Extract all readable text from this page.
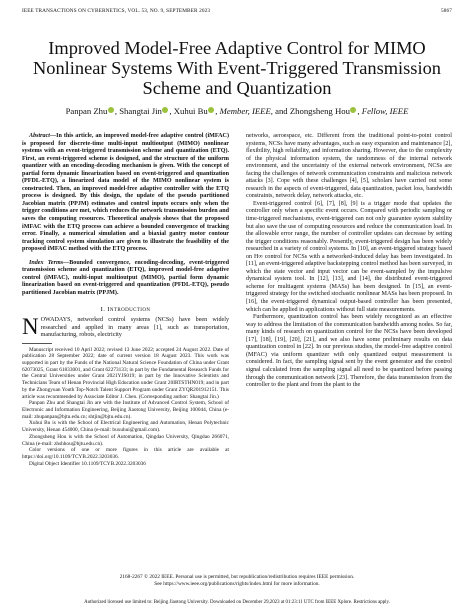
IEEE TRANSACTIONS ON CYBERNETICS, VOL. 53, NO. 9, SEPTEMBER 2023	5867
Improved Model-Free Adaptive Control for MIMO Nonlinear Systems With Event-Triggered Transmission Scheme and Quantization
Panpan Zhu , Shangtai Jin , Xuhui Bu , Member, IEEE, and Zhongsheng Hou , Fellow, IEEE

Abstract—In this article, an improved model-free adaptive control (iMFAC) is proposed for discrete-time multi-input multioutput (MIMO) nonlinear systems with an event-triggered transmission scheme and quantization (ETQ). First, an event-triggered scheme is designed, and the structure of the uniform quantizer with an encoding-decoding mechanism is given. With the concept of partial form dynamic linearization based on event-triggered and quantization (PFDL-ETQ), a linearized data model of the MIMO nonlinear system is constructed. Then, an improved model-free adaptive controller with the ETQ process is designed. By this design, the update of the pseudo partitioned Jacobian matrix (PPJM) estimates and control inputs occurs only when the trigger conditions are met, which reduces the network transmission burden and saves the computing resources. Theoretical analysis shows that the proposed iMFAC with the ETQ process can achieve a bounded convergence of tracking error. Finally, a numerical simulation and a biaxial gantry motor contour tracking control system simulation are given to illustrate the feasibility of the proposed iMFAC method with the ETQ process.

Index Terms—Bounded convergence, encoding-decoding, event-triggered transmission scheme and quantization (ETQ), improved model-free adaptive control (iMFAC), multi-input multioutput (MIMO), partial form dynamic linearization based on event-triggered and quantization (PFDL-ETQ), pseudo partitioned Jacobian matrix (PPJM).

I. Introduction

NOWADAYS, networked control systems (NCSs) have been widely researched and applied in many areas [1], such as transportation, manufacturing, robots, electricity

Manuscript received 10 April 2022; revised 13 June 2022; accepted 24 August 2022. Date of publication 28 September 2022; date of current version 18 August 2023. This work was supported in part by the Funds of the National Natural Science Foundation of China under Grant 62073025, Grant 61833001, and Grant 62273133; in part by the Fundamental Research Funds for the Central Universities under Grant 2021YJS019; in part by the Innovative Scientists and Technicians Team of Henan Provincial High Education under Grant 20IRTSTHN019; and in part by the Zhongyuan Youth Top-Notch Talent Support Program under Grant ZYQR201912151. This article was recommended by Associate Editor J. Chen. (Corresponding author: Shangtai Jin.)

Panpan Zhu and Shangtai Jin are with the Institute of Advanced Control System, School of Electronic and Information Engineering, Beijing Jiaotong University, Beijing 100044, China (e-mail: zhupanpan@bjtu.edu.cn; shtjin@bjtu.edu.cn).

Xuhui Bu is with the School of Electrical Engineering and Automation, Henan Polytechnic University, Henan 454000, China (e-mail: buxuhui@gmail.com).

Zhongsheng Hou is with the School of Automation, Qingdao University, Qingdao 266071, China (e-mail: zhshhou@bjtu.edu.cn).

Color versions of one or more figures in this article are available at https://doi.org/10.1109/TCYB.2022.3203036.

Digital Object Identifier 10.1109/TCYB.2022.3203036

networks, aeroespace, etc. Different from the traditional point-to-point control systems, NCSs have many advantages, such as easy expansion and maintenance [2], flexibility, high reliability, and information sharing. However, due to the complexity of the physical information system, the randomness of the internal network environment, and the uncertainty of the external network environment, NCSs are facing the challenges of network communication constraints and malicious network attacks [3]. Cope with these challenges [4], [5], scholars have carried out some research in the aspects of event-triggered, data quantization, packet loss, bandwidth constraints, network delay, network attacks, etc.

Event-triggered control [6], [7], [8], [9] is a trigger mode that updates the controller only when a specific event occurs. Compared with periodic sampling or time-triggered mechanisms, event-triggered can not only guarantee system stability but also save the use of computing resources and reduce the communication load. In the allowable error range, the number of controller updates can decrease by setting the trigger conditions reasonably. Presently, event-triggered design has been widely researched in a variety of control systems. In [10], an event-triggered strategy based on H∞ control for NCSs with a networked-induced delay has been investigated. In [11], an event-triggered adaptive backstepping control method has been surveyed, in which the state vector and input vector can be event-sampled by the impulsive dynamical system tool. In [12], [13], and [14], the distributed event-triggered scheme for multiagent systems (MASs) has been designed. In [15], an event-triggered strategy for the switched stochastic nonlinear MASs has been proposed. In [16], the event-triggered dynamical output-based controller has been presented, which can be applied in applications without full state measurements.

Furthermore, quantization control has been widely recognized as an effective way to address the limitation of the communication bandwidth among nodes. So far, many kinds of research on quantization control for the NCSs have been developed [17], [18], [19], [20], [21], and we also have some preliminary results on data quantization control in [22]. In our previous studies, the model-free adaptive control (MFAC) via uniform quantizer with only quantized output measurement is considered. In fact, the sampling signal sent by the event generator and the control signal calculated from the sampling signal all need to be quantized before passing through the communication network [23]. Therefore, the data transmission from the controller to the plant and from the plant to the

2168-2267 © 2022 IEEE. Personal use is permitted, but republication/redistribution requires IEEE permission.
See https://www.ieee.org/publications/rights/index.html for more information.
Authorized licensed use limited to: Beijing Jiaotong University. Downloaded on December 29,2023 at 01:23:11 UTC from IEEE Xplore. Restrictions apply.
